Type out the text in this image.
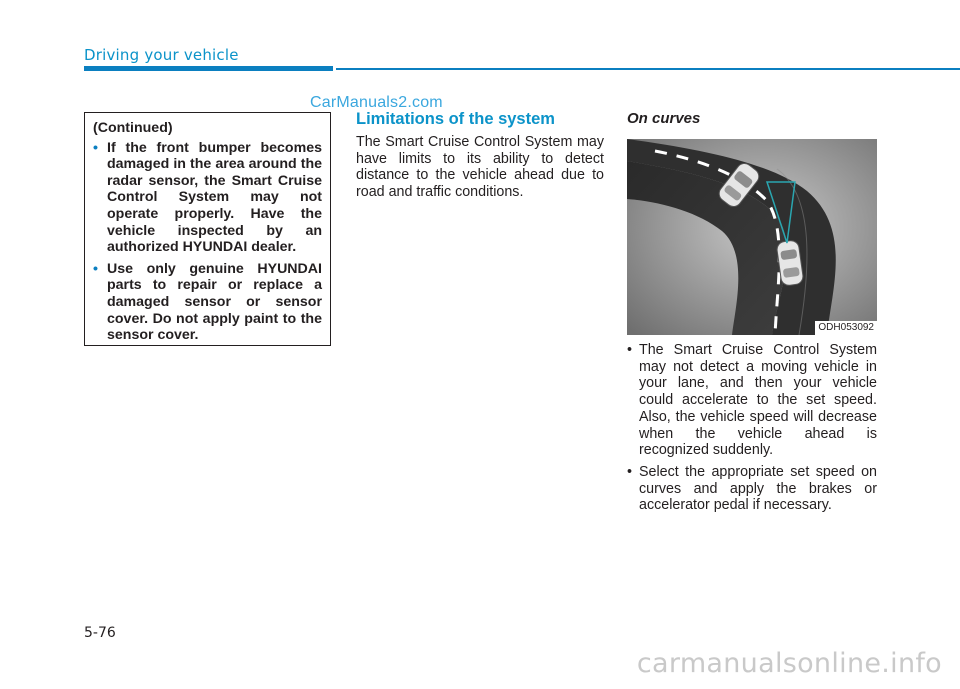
Driving your vehicle
CarManuals2.com
(Continued)
• If the front bumper becomes damaged in the area around the radar sensor, the Smart Cruise Control System may not operate properly. Have the vehicle inspected by an authorized HYUNDAI dealer.
• Use only genuine HYUNDAI parts to repair or replace a damaged sensor or sensor cover. Do not apply paint to the sensor cover.
Limitations of the system
The Smart Cruise Control System may have limits to its ability to detect distance to the vehicle ahead due to road and traffic conditions.
On curves
ODH053092
• The Smart Cruise Control System may not detect a moving vehicle in your lane, and then your vehicle could accelerate to the set speed. Also, the vehicle speed will decrease when the vehicle ahead is recognized suddenly.
• Select the appropriate set speed on curves and apply the brakes or accelerator pedal if necessary.
5-76
carmanualsonline.info
